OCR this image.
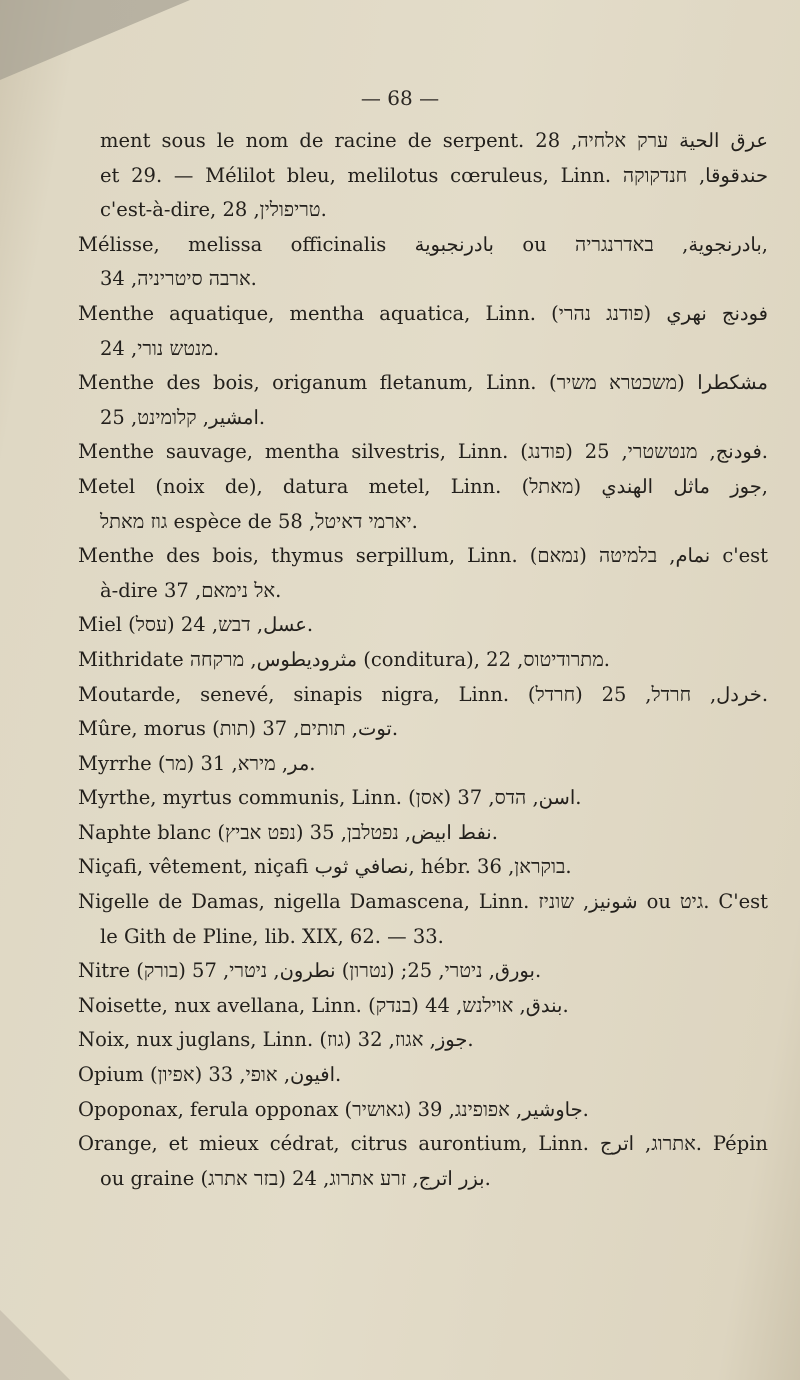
— 68 —
ment sous le nom de racine de serpent. عرق الحية ערק אלחיה, 28
et 29. — Mélilot bleu, melilotus cœruleus, Linn. حندقوقا, חנדקוקה
c'est-à-dire, טריפולין, 28.
Mélisse, melissa officinalis بادرنجبوية ou بادرنجوية, באדרנגריה,
ארבה סיטריניה, 34.
Menthe aquatique, mentha aquatica, Linn. (פודנג נהרי) فودنج نهري
מנטש נורי, 24.
Menthe des bois, origanum fletanum, Linn. (משכטרא משיר) مشكطرا
امشير, קלומינט, 25.
Menthe sauvage, mentha silvestris, Linn. (פודנג) فودنج, מנטשטרי, 25.
Metel (noix de), datura metel, Linn. (מאתל) جوز ماثل الهندي,
גוז מאתל espèce de יארמי דאיטל, 58.
Menthe des bois, thymus serpillum, Linn. (נמאם) نمام, בלמיטה c'est
à-dire אל נימאם, 37.
Miel (עסל) عسل, דבש, 24.
Mithridate مثروديطوس, מרקחה (conditura), מתרודיטוס, 22.
Moutarde, senevé, sinapis nigra, Linn. (חרדל) خردل, חרדל, 25.
Mûre, morus (תות) توت, תותים, 37.
Myrrhe (מר) مر, מירא, 31.
Myrthe, myrtus communis, Linn. (אסן) اسن, הדס, 37.
Naphte blanc (נפט אביץ) نفط ابيض, נפטלבן, 35.
Niçafi, vêtement, niçafi نصافي ثوب, hébr. בוקראן, 36.
Nigelle de Damas, nigella Damascena, Linn. شونيز, שוניז ou גיט. C'est
le Gith de Pline, lib. XIX, 62. — 33.
Nitre (בורק) بورق, ניטרי, 25; (נטרון) نطرون, ניטרי, 57.
Noisette, nux avellana, Linn. (בנדק) بندق, אוילנש, 44.
Noix, nux juglans, Linn. (גוז) جوز, אגוז, 32.
Opium (אפיון) افيون, אופי, 33.
Opoponax, ferula opponax (גאושיר) جاوشير, אפופינג, 39.
Orange, et mieux cédrat, citrus aurontium, Linn. אתרוג, اترج. Pépin
ou graine (בזר אתרג) بزر اترج, זרע אתרוג, 24.
